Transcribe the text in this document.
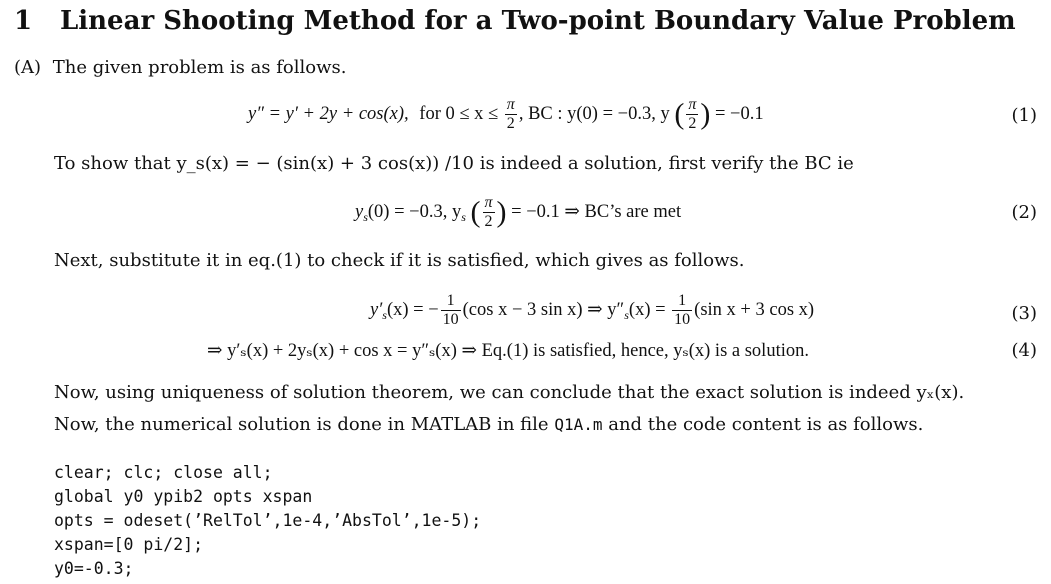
1 Linear Shooting Method for a Two-point Boundary Value Problem
(A) The given problem is as follows.
y″ = y′ + 2y + cos(x), for $0 \le x \le \frac{\pi}{2}$ , BC : y(0) = −0.3, y ( $\frac{\pi}{2}$ ) = −0.1	(1)
To show that y_s(x) = − (sin(x) + 3 cos(x)) /10 is indeed a solution, first verify the BC ie
$y_s(0) = -0.3$, $y_s$ ( $\frac{\pi}{2}$ ) = −0.1 ⇒ BC’s are met	(2)
Next, substitute it in eq.(1) to check if it is satisfied, which gives as follows.
$y'_s(x)$ = − $\frac{1}{10} (\cos$ x − 3 sin x) ⇒ $y''_s(x) = \frac{1}{10} (\sin$ x + 3 cos x)	(3)
⇒ y′ₛ(x) + 2yₛ(x) + cos x = y″ₛ(x) ⇒ Eq.(1) is satisfied, hence, yₛ(x) is a solution.	(4)
Now, using uniqueness of solution theorem, we can conclude that the exact solution is indeed yₓ(x).
Now, the numerical solution is done in MATLAB in file Q1A.m and the code content is as follows.
clear; clc; close all;
global y0 ypib2 opts xspan
opts = odeset(’RelTol’,1e-4,’AbsTol’,1e-5);
xspan=[0 pi/2];
y0=-0.3;
